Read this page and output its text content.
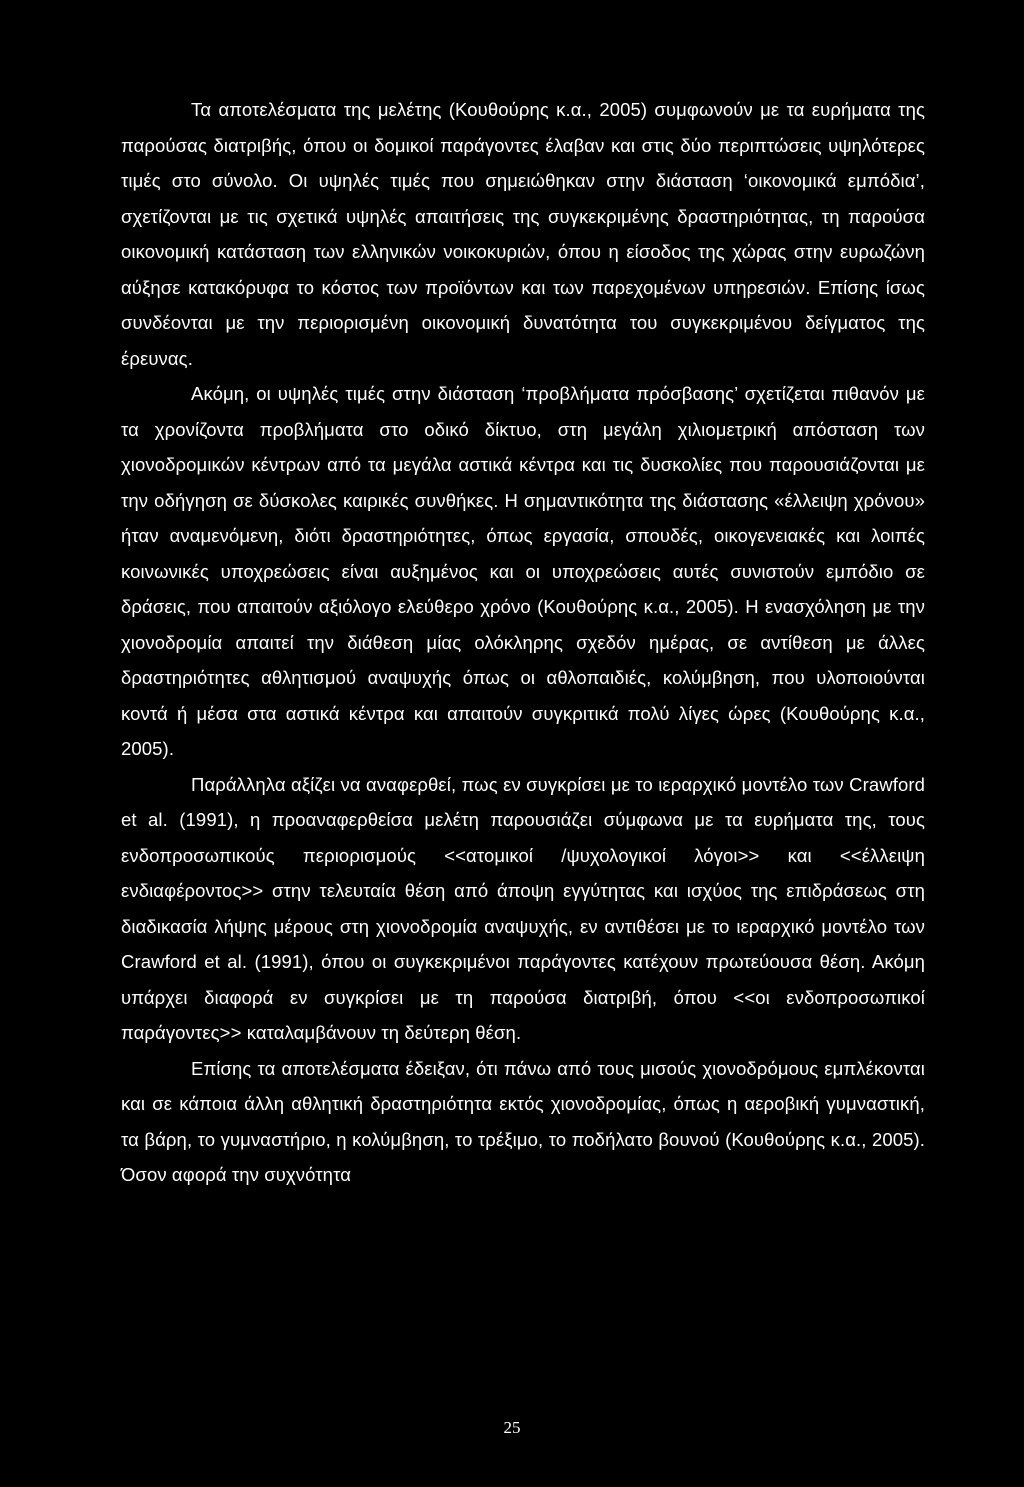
Τα αποτελέσματα της μελέτης (Κουθούρης κ.α., 2005) συμφωνούν με τα ευρήματα της παρούσας διατριβής, όπου οι δομικοί παράγοντες έλαβαν και στις δύο περιπτώσεις υψηλότερες τιμές στο σύνολο. Οι υψηλές τιμές που σημειώθηκαν στην διάσταση ‘οικονομικά εμπόδια’, σχετίζονται με τις σχετικά υψηλές απαιτήσεις της συγκεκριμένης δραστηριότητας, τη παρούσα οικονομική κατάσταση των ελληνικών νοικοκυριών, όπου η είσοδος της χώρας στην ευρωζώνη αύξησε κατακόρυφα το κόστος των προϊόντων και των παρεχομένων υπηρεσιών. Επίσης ίσως συνδέονται με την περιορισμένη οικονομική δυνατότητα του συγκεκριμένου δείγματος της έρευνας.

Ακόμη, οι υψηλές τιμές στην διάσταση ‘προβλήματα πρόσβασης’ σχετίζεται πιθανόν με τα χρονίζοντα προβλήματα στο οδικό δίκτυο, στη μεγάλη χιλιομετρική απόσταση των χιονοδρομικών κέντρων από τα μεγάλα αστικά κέντρα και τις δυσκολίες που παρουσιάζονται με την οδήγηση σε δύσκολες καιρικές συνθήκες. Η σημαντικότητα της διάστασης «έλλειψη χρόνου» ήταν αναμενόμενη, διότι δραστηριότητες, όπως εργασία, σπουδές, οικογενειακές και λοιπές κοινωνικές υποχρεώσεις είναι αυξημένος και οι υποχρεώσεις αυτές συνιστούν εμπόδιο σε δράσεις, που απαιτούν αξιόλογο ελεύθερο χρόνο (Κουθούρης κ.α., 2005). Η ενασχόληση με την χιονοδρομία απαιτεί την διάθεση μίας ολόκληρης σχεδόν ημέρας, σε αντίθεση με άλλες δραστηριότητες αθλητισμού αναψυχής όπως οι αθλοπαιδιές, κολύμβηση, που υλοποιούνται κοντά ή μέσα στα αστικά κέντρα και απαιτούν συγκριτικά πολύ λίγες ώρες (Κουθούρης κ.α., 2005).

Παράλληλα αξίζει να αναφερθεί, πως εν συγκρίσει με το ιεραρχικό μοντέλο των Crawford et al. (1991), η προαναφερθείσα μελέτη παρουσιάζει σύμφωνα με τα ευρήματα της, τους ενδοπροσωπικούς περιορισμούς <<ατομικοί /ψυχολογικοί λόγοι>> και <<έλλειψη ενδιαφέροντος>> στην τελευταία θέση από άποψη εγγύτητας και ισχύος της επιδράσεως στη διαδικασία λήψης μέρους στη χιονοδρομία αναψυχής, εν αντιθέσει με το ιεραρχικό μοντέλο των Crawford et al. (1991), όπου οι συγκεκριμένοι παράγοντες κατέχουν πρωτεύουσα θέση. Ακόμη υπάρχει διαφορά εν συγκρίσει με τη παρούσα διατριβή, όπου <<οι ενδοπροσωπικοί παράγοντες>> καταλαμβάνουν τη δεύτερη θέση.

Επίσης τα αποτελέσματα έδειξαν, ότι πάνω από τους μισούς χιονοδρόμους εμπλέκονται και σε κάποια άλλη αθλητική δραστηριότητα εκτός χιονοδρομίας, όπως η αεροβική γυμναστική, τα βάρη, το γυμναστήριο, η κολύμβηση, το τρέξιμο, το ποδήλατο βουνού (Κουθούρης κ.α., 2005). Όσον αφορά την συχνότητα

25
